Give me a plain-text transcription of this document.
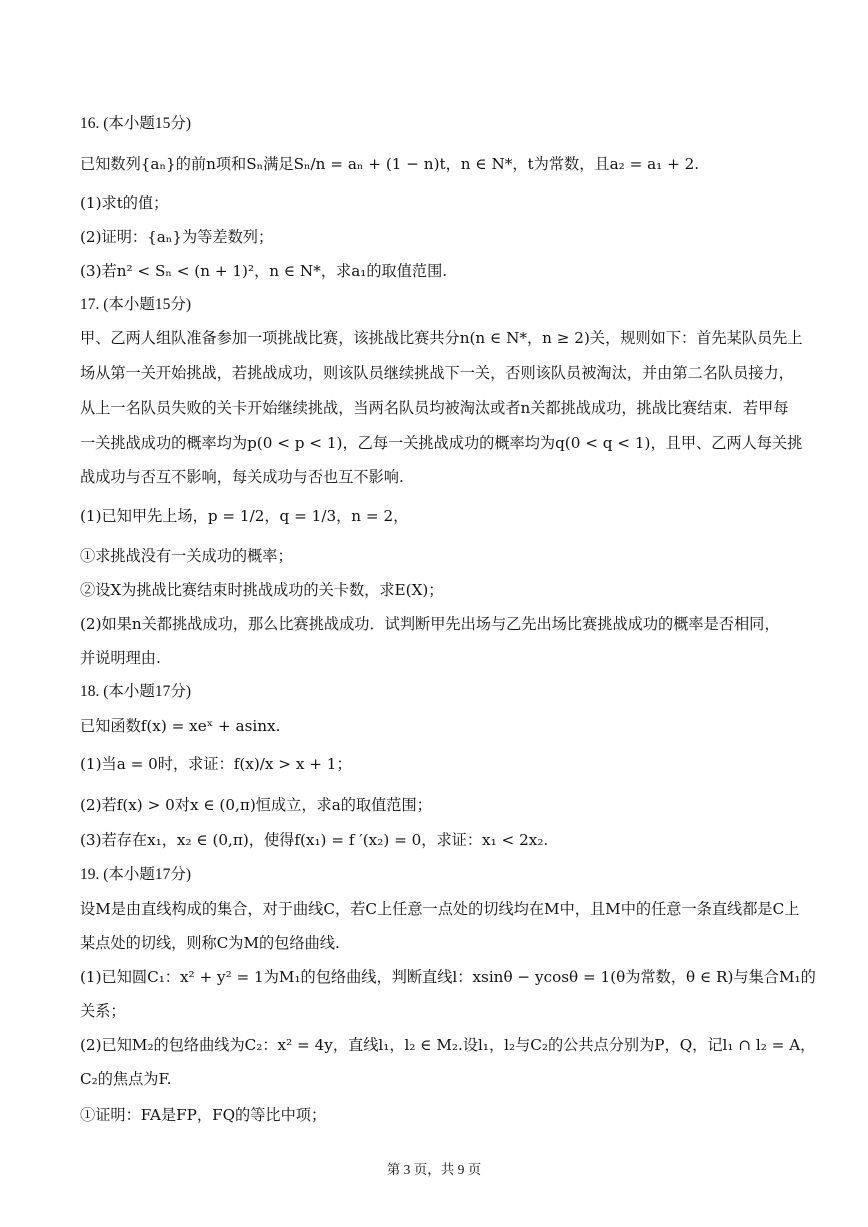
16. (本小题15分)
已知数列{aₙ}的前n项和Sₙ满足Sₙ/n = aₙ + (1 − n)t，n ∈ N*，t为常数，且a₂ = a₁ + 2.
(1)求t的值；
(2)证明：{aₙ}为等差数列；
(3)若n² < Sₙ < (n + 1)²，n ∈ N*，求a₁的取值范围.
17. (本小题15分)
甲、乙两人组队准备参加一项挑战比赛，该挑战比赛共分n(n ∈ N*，n ≥ 2)关，规则如下：首先某队员先上
场从第一关开始挑战，若挑战成功，则该队员继续挑战下一关，否则该队员被淘汰，并由第二名队员接力，
从上一名队员失败的关卡开始继续挑战，当两名队员均被淘汰或者n关都挑战成功，挑战比赛结束．若甲每
一关挑战成功的概率均为p(0 < p < 1)，乙每一关挑战成功的概率均为q(0 < q < 1)，且甲、乙两人每关挑
战成功与否互不影响，每关成功与否也互不影响.
(1)已知甲先上场，p = 1/2，q = 1/3，n = 2，
①求挑战没有一关成功的概率；
②设X为挑战比赛结束时挑战成功的关卡数，求E(X)；
(2)如果n关都挑战成功，那么比赛挑战成功．试判断甲先出场与乙先出场比赛挑战成功的概率是否相同，
并说明理由.
18. (本小题17分)
已知函数f(x) = xeˣ + asinx.
(1)当a = 0时，求证：f(x)/x > x + 1；
(2)若f(x) > 0对x ∈ (0,π)恒成立，求a的取值范围；
(3)若存在x₁，x₂ ∈ (0,π)，使得f(x₁) = f ′(x₂) = 0，求证：x₁ < 2x₂.
19. (本小题17分)
设M是由直线构成的集合，对于曲线C，若C上任意一点处的切线均在M中，且M中的任意一条直线都是C上
某点处的切线，则称C为M的包络曲线.
(1)已知圆C₁：x² + y² = 1为M₁的包络曲线，判断直线l：xsinθ − ycosθ = 1(θ为常数，θ ∈ R)与集合M₁的
关系；
(2)已知M₂的包络曲线为C₂：x² = 4y，直线l₁，l₂ ∈ M₂.设l₁，l₂与C₂的公共点分别为P，Q，记l₁ ∩ l₂ = A，
C₂的焦点为F.
①证明：FA是FP，FQ的等比中项；
第 3 页，共 9 页
